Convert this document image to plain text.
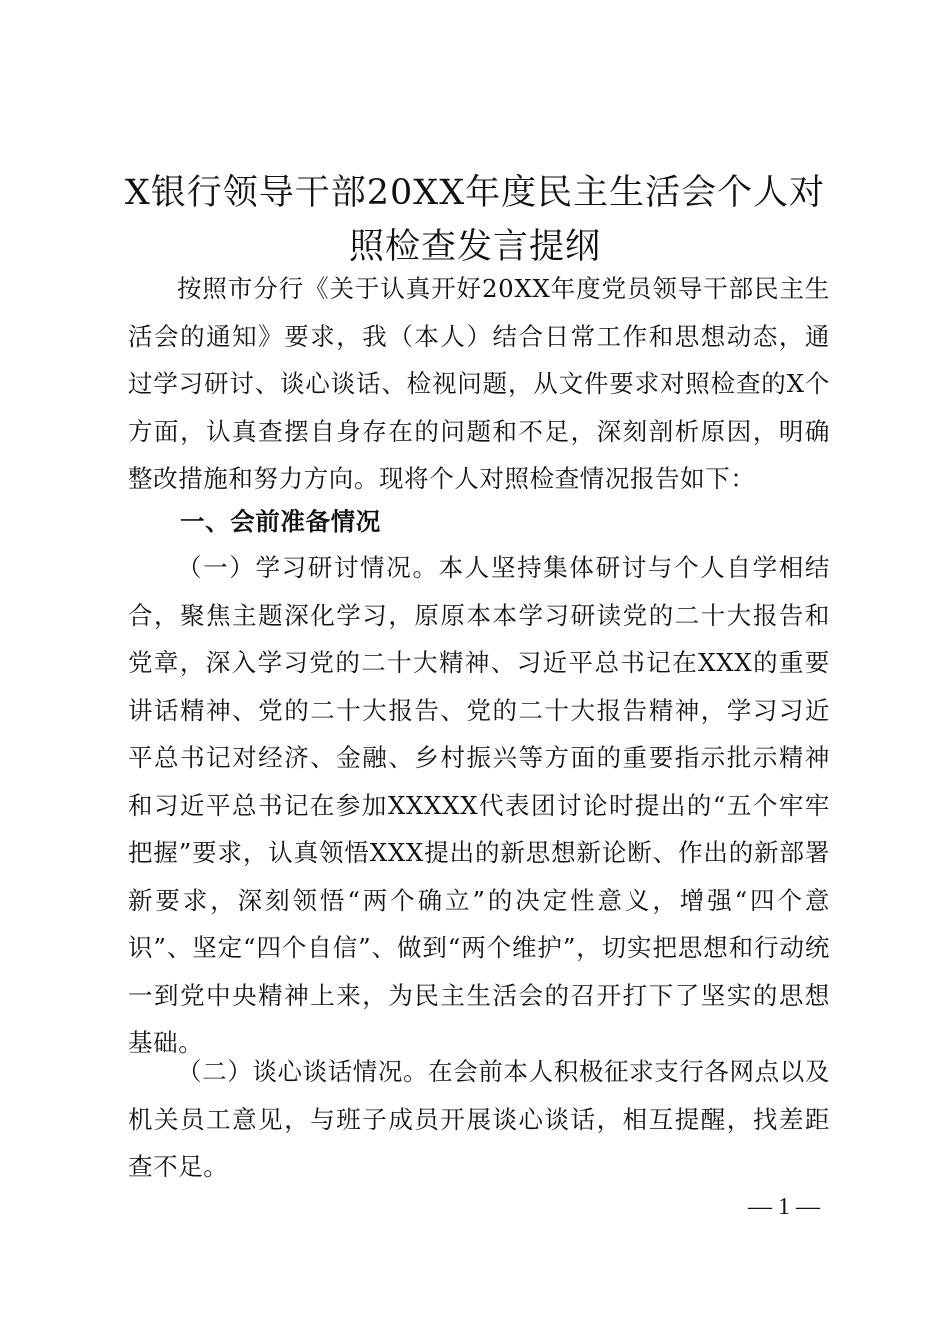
X银行领导干部20XX年度民主生活会个人对照检查发言提纲

按照市分行《关于认真开好20XX年度党员领导干部民主生活会的通知》要求，我（本人）结合日常工作和思想动态，通过学习研讨、谈心谈话、检视问题，从文件要求对照检查的X个方面，认真查摆自身存在的问题和不足，深刻剖析原因，明确整改措施和努力方向。现将个人对照检查情况报告如下：

一、会前准备情况

（一）学习研讨情况。本人坚持集体研讨与个人自学相结合，聚焦主题深化学习，原原本本学习研读党的二十大报告和党章，深入学习党的二十大精神、习近平总书记在XXX的重要讲话精神、党的二十大报告、党的二十大报告精神，学习习近平总书记对经济、金融、乡村振兴等方面的重要指示批示精神和习近平总书记在参加XXXXX代表团讨论时提出的“五个牢牢把握”要求，认真领悟XXX提出的新思想新论断、作出的新部署新要求，深刻领悟“两个确立”的决定性意义，增强“四个意识”、坚定“四个自信”、做到“两个维护”，切实把思想和行动统一到党中央精神上来，为民主生活会的召开打下了坚实的思想基础。

（二）谈心谈话情况。在会前本人积极征求支行各网点以及机关员工意见，与班子成员开展谈心谈话，相互提醒，找差距查不足。

— 1 —
